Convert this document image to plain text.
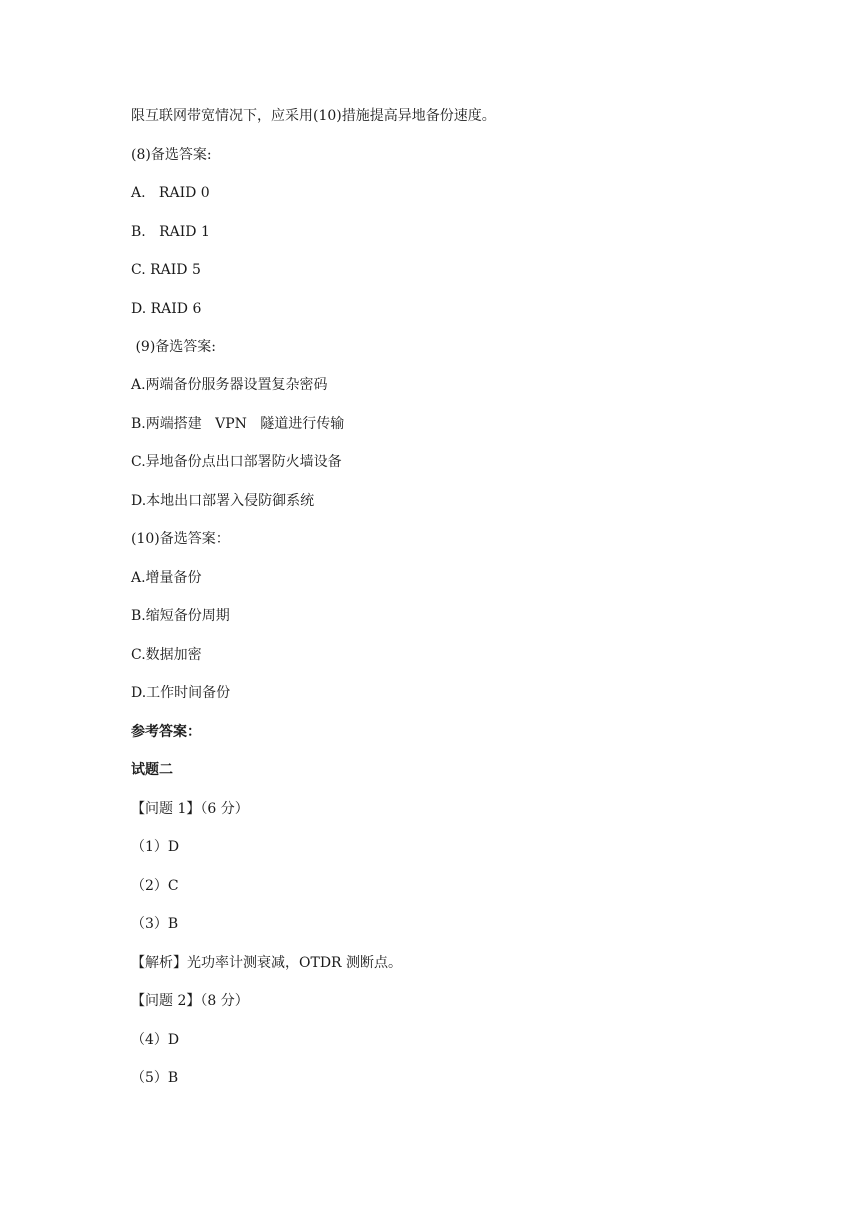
限互联网带宽情况下，应采用(10)措施提高异地备份速度。
(8)备选答案:
A.   RAID 0
B.   RAID 1
C. RAID 5
D. RAID 6
(9)备选答案:
A.两端备份服务器设置复杂密码
B.两端搭建   VPN   隧道进行传输
C.异地备份点出口部署防火墙设备
D.本地出口部署入侵防御系统
(10)备选答案：
A.增量备份
B.缩短备份周期
C.数据加密
D.工作时间备份
参考答案：
试题二
【问题 1】（6 分）
（1）D
（2）C
（3）B
【解析】光功率计测衰减，OTDR 测断点。
【问题 2】（8 分）
（4）D
（5）B
